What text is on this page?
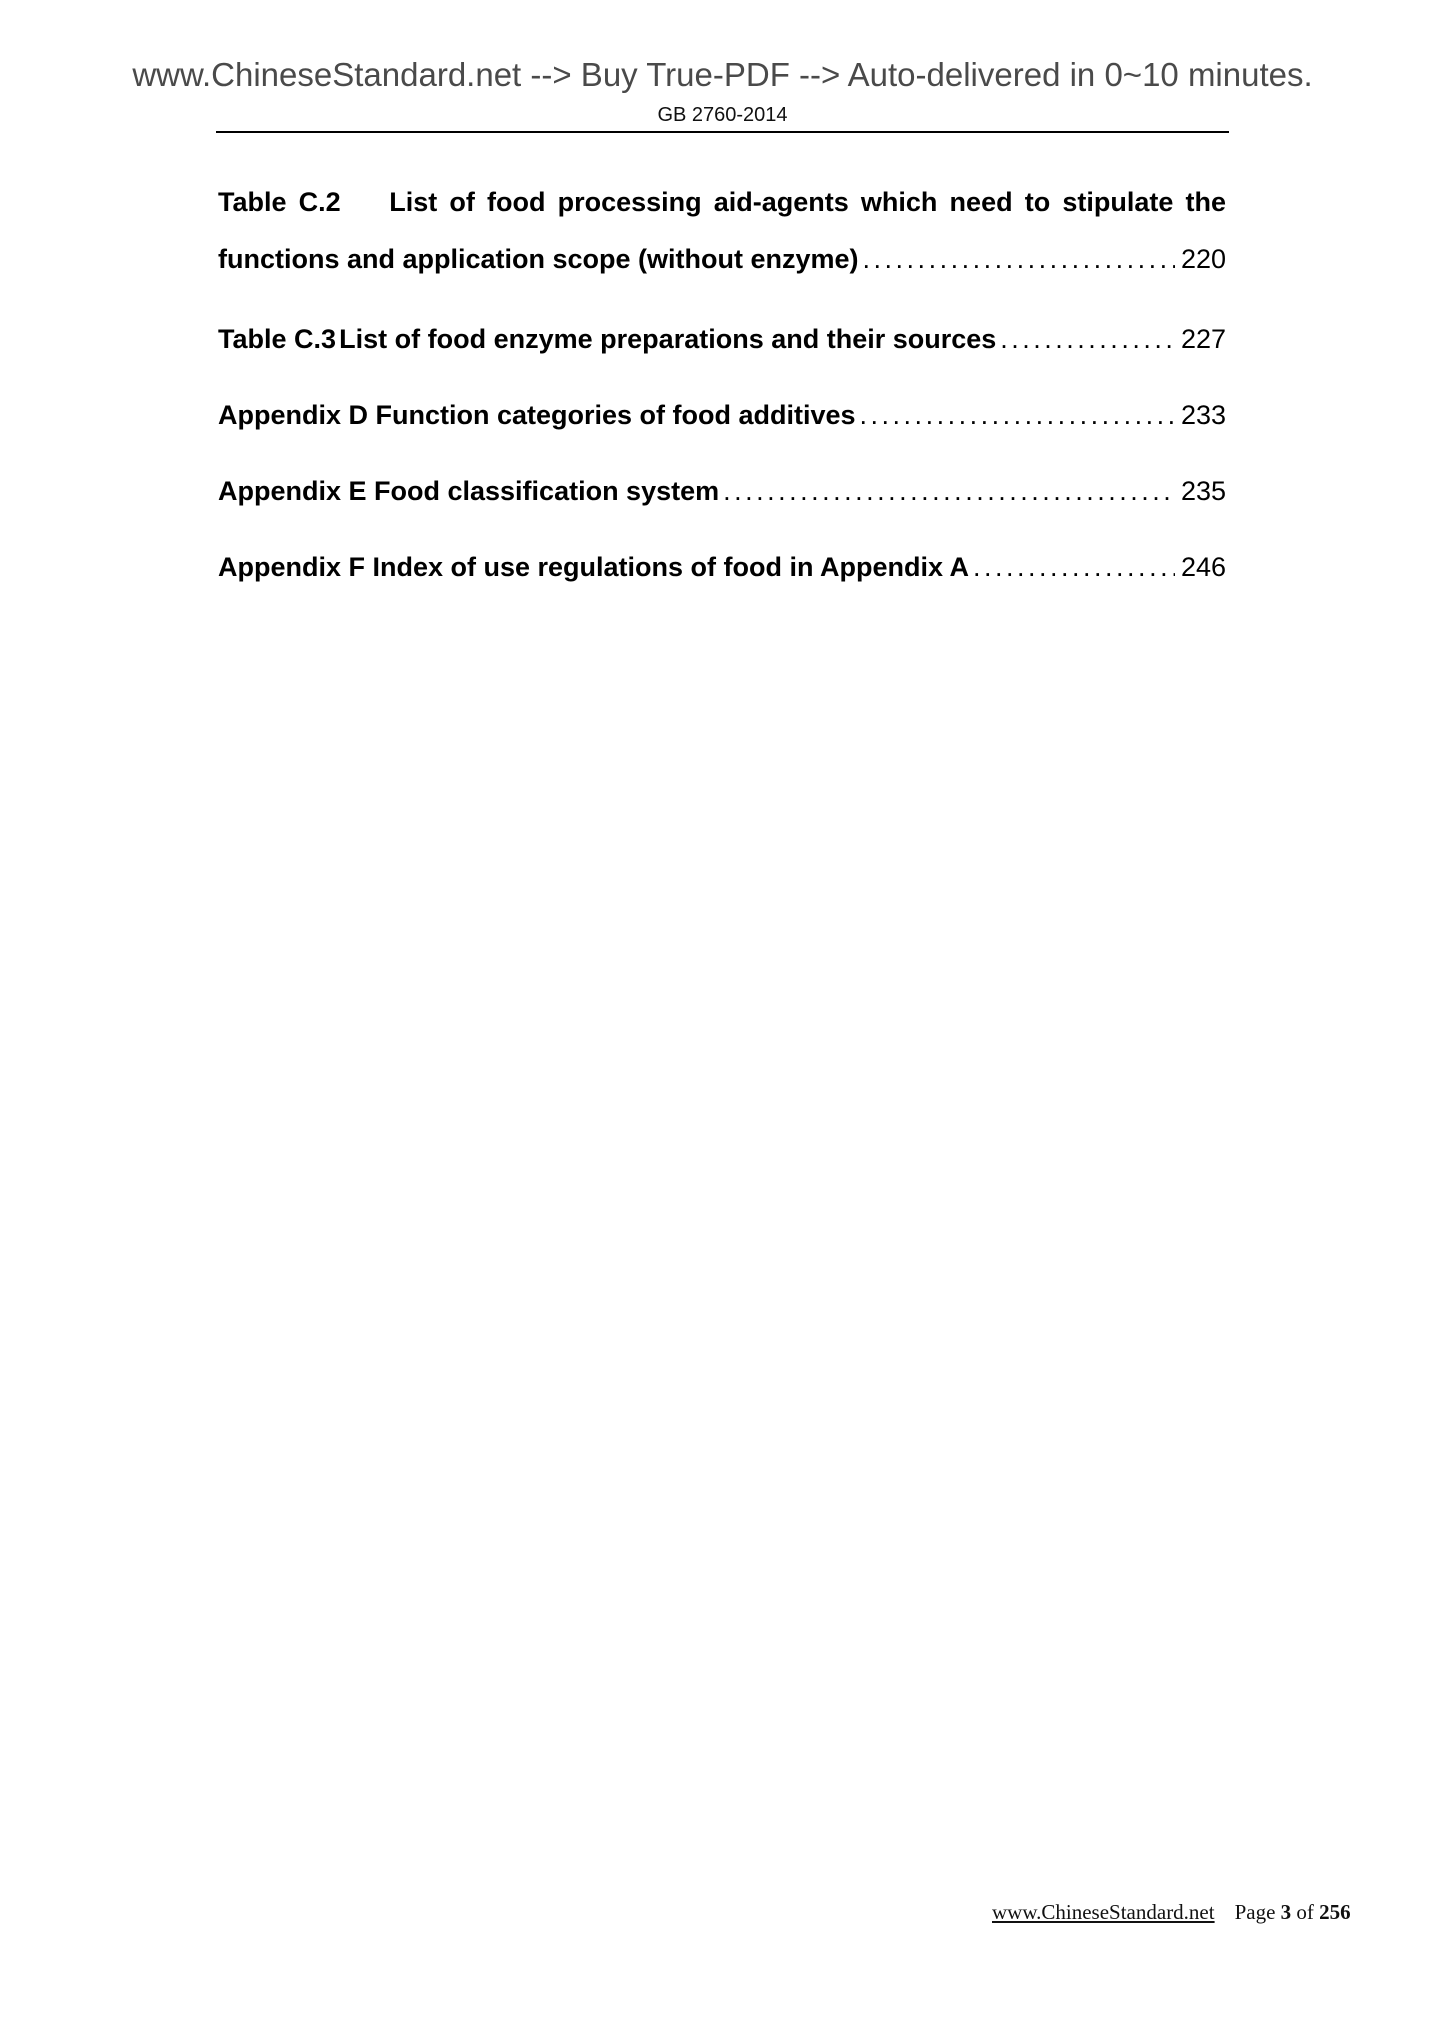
www.ChineseStandard.net --> Buy True-PDF --> Auto-delivered in 0~10 minutes.
GB 2760-2014
Table C.2 List of food processing aid-agents which need to stipulate the
functions and application scope (without enzyme) . . .	220
Table C.3 List of food enzyme preparations and their sources . . .	227
Appendix D Function categories of food additives . . .	233
Appendix E Food classification system . . .	235
Appendix F Index of use regulations of food in Appendix A . . .	246
www.ChineseStandard.net Page 3 of 256
